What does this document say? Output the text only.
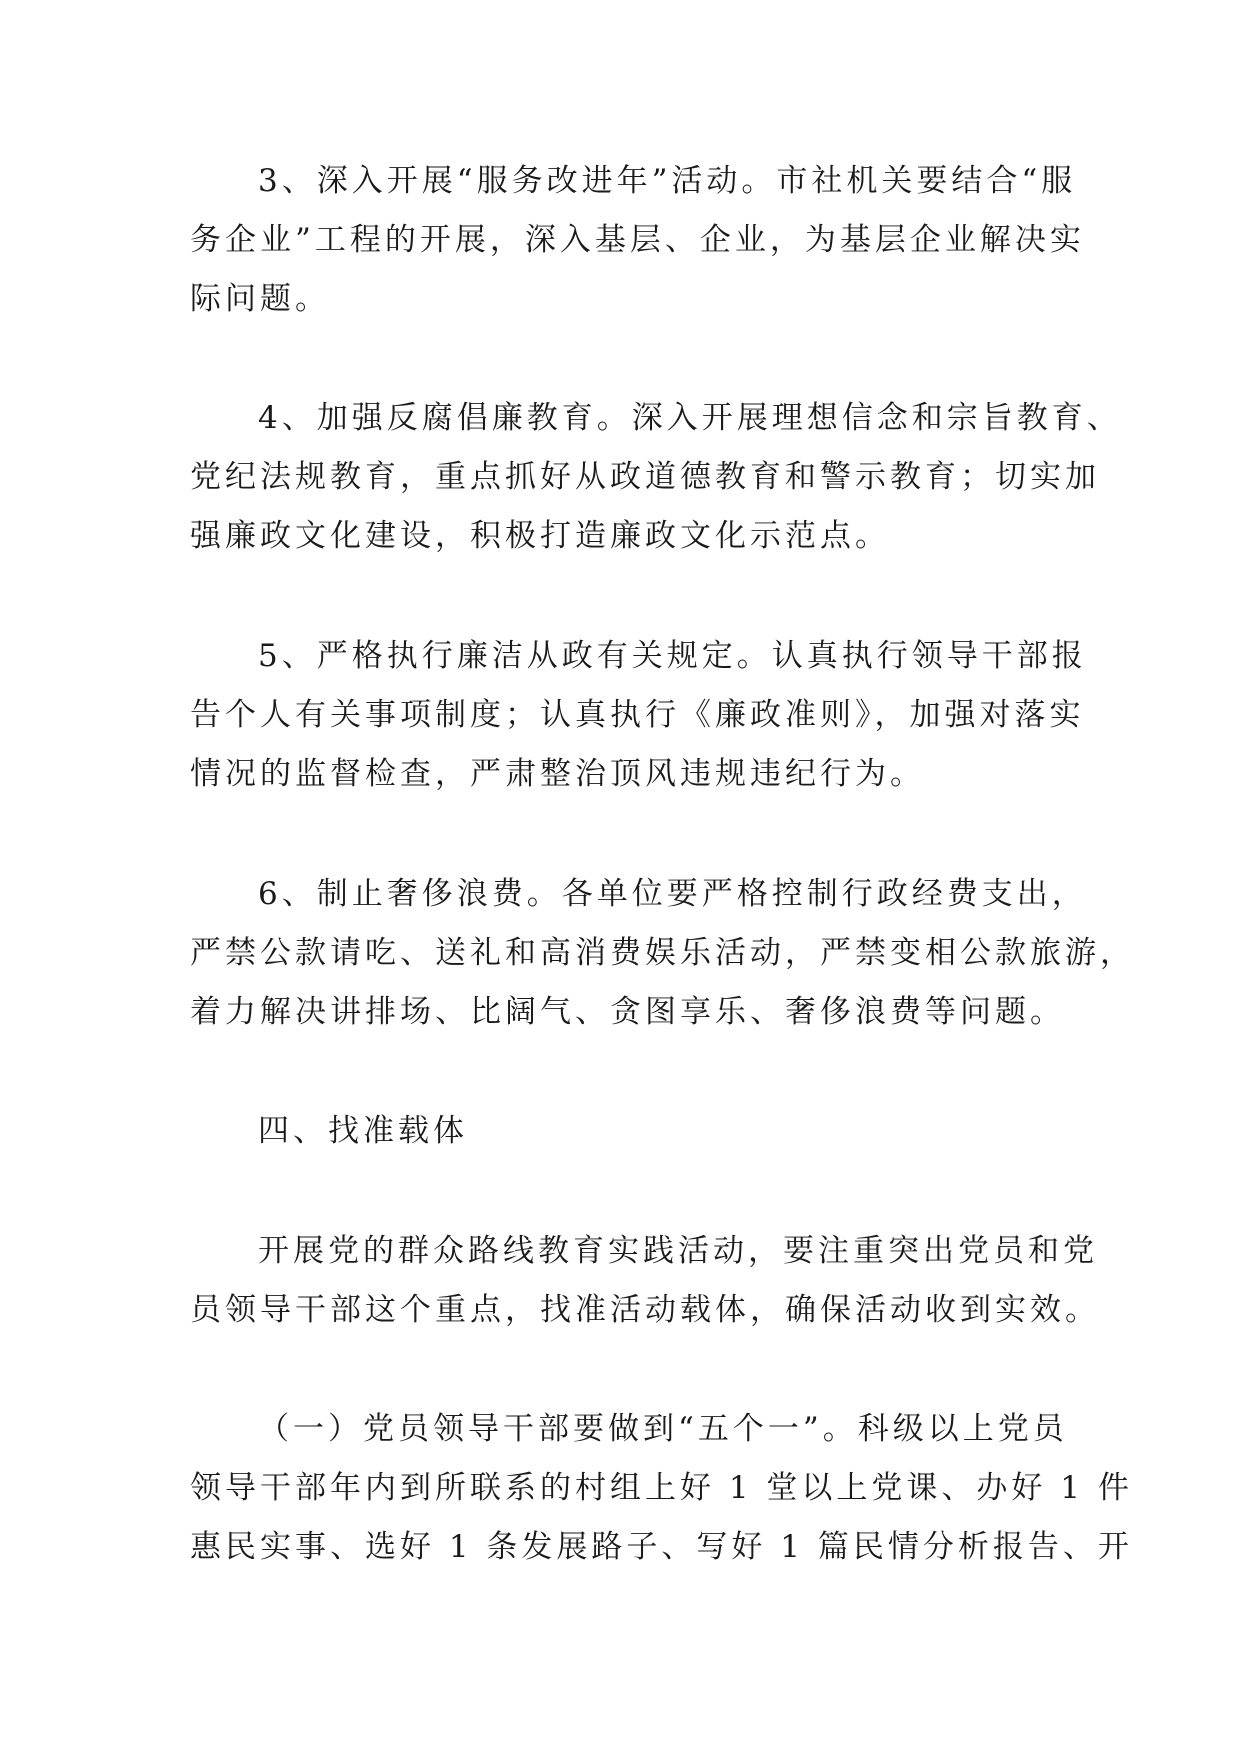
3、深入开展“服务改进年”活动。市社机关要结合“服
务企业”工程的开展，深入基层、企业，为基层企业解决实
际问题。
4、加强反腐倡廉教育。深入开展理想信念和宗旨教育、
党纪法规教育，重点抓好从政道德教育和警示教育；切实加
强廉政文化建设，积极打造廉政文化示范点。
5、严格执行廉洁从政有关规定。认真执行领导干部报
告个人有关事项制度；认真执行《廉政准则》，加强对落实
情况的监督检查，严肃整治顶风违规违纪行为。
6、制止奢侈浪费。各单位要严格控制行政经费支出，
严禁公款请吃、送礼和高消费娱乐活动，严禁变相公款旅游，
着力解决讲排场、比阔气、贪图享乐、奢侈浪费等问题。

四、找准载体

开展党的群众路线教育实践活动，要注重突出党员和党
员领导干部这个重点，找准活动载体，确保活动收到实效。
（一）党员领导干部要做到“五个一”。科级以上党员
领导干部年内到所联系的村组上好 1 堂以上党课、办好 1 件
惠民实事、选好 1 条发展路子、写好 1 篇民情分析报告、开
